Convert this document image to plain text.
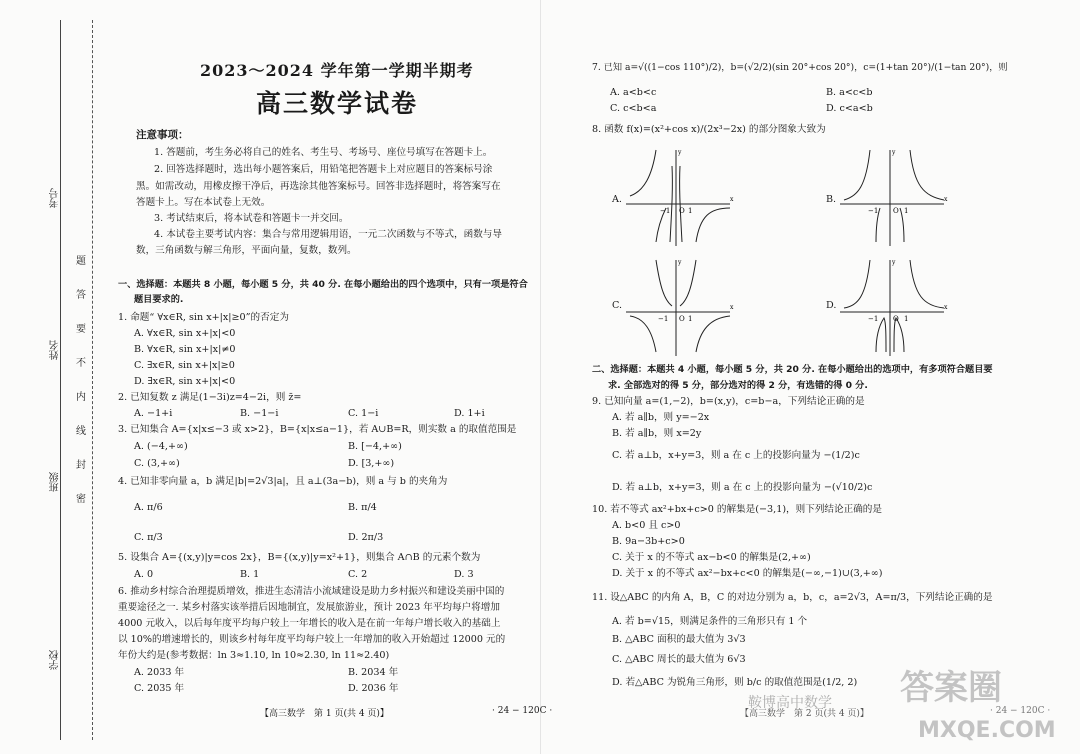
考号
姓名
班级
学校
题
答
要
不
内
线
封
密
2023～2024 学年第一学期半期考
高三数学试卷
注意事项：
1. 答题前，考生务必将自己的姓名、考生号、考场号、座位号填写在答题卡上。
2. 回答选择题时，选出每小题答案后，用铅笔把答题卡上对应题目的答案标号涂
黑。如需改动，用橡皮擦干净后，再选涂其他答案标号。回答非选择题时，将答案写在
答题卡上。写在本试卷上无效。
3. 考试结束后，将本试卷和答题卡一并交回。
4. 本试卷主要考试内容：集合与常用逻辑用语，一元二次函数与不等式，函数与导
数，三角函数与解三角形，平面向量，复数，数列。
一、选择题：本题共 8 小题，每小题 5 分，共 40 分. 在每小题给出的四个选项中，只有一项是符合
题目要求的.
1. 命题“ ∀x∈R, sin x+|x|≥0”的否定为
A. ∀x∈R, sin x+|x|<0
B. ∀x∈R, sin x+|x|≠0
C. ∃x∈R, sin x+|x|≥0
D. ∃x∈R, sin x+|x|<0
2. 已知复数 z 满足(1−3i)z=4−2i，则 z̄=
A. −1+i	B. −1−i	C. 1−i	D. 1+i
3. 已知集合 A={x|x≤−3 或 x>2}，B={x|x≤a−1}，若 A∪B=R，则实数 a 的取值范围是
A. (−4,+∞)	B. [−4,+∞)
C. (3,+∞)	D. [3,+∞)
4. 已知非零向量 a，b 满足|b|=2√3|a|，且 a⊥(3a−b)，则 a 与 b 的夹角为
A. π/6	B. π/4
C. π/3	D. 2π/3
5. 设集合 A={(x,y)|y=cos 2x}，B={(x,y)|y=x²+1}，则集合 A∩B 的元素个数为
A. 0	B. 1	C. 2	D. 3
6. 推动乡村综合治理提质增效，推进生态清洁小流域建设是助力乡村振兴和建设美丽中国的
重要途径之一. 某乡村落实该举措后因地制宜，发展旅游业，预计 2023 年平均每户将增加
4000 元收入，以后每年度平均每户较上一年增长的收入是在前一年每户增长收入的基础上
以 10%的增速增长的，则该乡村每年度平均每户较上一年增加的收入开始超过 12000 元的
年份大约是(参考数据：ln 3≈1.10, ln 10≈2.30, ln 11≈2.40)
A. 2033 年	B. 2034 年
C. 2035 年	D. 2036 年
【高三数学　第 1 页(共 4 页)】	· 24 − 120C ·
7. 已知 a=√((1−cos 110°)/2)，b=(√2/2)(sin 20°+cos 20°)，c=(1+tan 20°)/(1−tan 20°)，则
A. a<b<c	B. a<c<b
C. c<b<a	D. c<a<b
8. 函数 f(x)=(x²+cos x)/(2x³−2x) 的部分图象大致为
A.	B.
C.	D.
x
y
−1 O 1
x
y
−1 O 1
x
y
−1 O 1
x
y
−1 O 1
二、选择题：本题共 4 小题，每小题 5 分，共 20 分. 在每小题给出的选项中，有多项符合题目要
求. 全部选对的得 5 分，部分选对的得 2 分，有选错的得 0 分.
9. 已知向量 a=(1,−2)，b=(x,y)，c=b−a，下列结论正确的是
A. 若 a∥b，则 y=−2x
B. 若 a∥b，则 x=2y
C. 若 a⊥b，x+y=3，则 a 在 c 上的投影向量为 −(1/2)c
D. 若 a⊥b，x+y=3，则 a 在 c 上的投影向量为 −(√10/2)c
10. 若不等式 ax²+bx+c>0 的解集是(−3,1)，则下列结论正确的是
A. b<0 且 c>0
B. 9a−3b+c>0
C. 关于 x 的不等式 ax−b<0 的解集是(2,+∞)
D. 关于 x 的不等式 ax²−bx+c<0 的解集是(−∞,−1)∪(3,+∞)
11. 设△ABC 的内角 A，B，C 的对边分别为 a，b，c，a=2√3，A=π/3，下列结论正确的是
A. 若 b=√15，则满足条件的三角形只有 1 个
B. △ABC 面积的最大值为 3√3
C. △ABC 周长的最大值为 6√3
D. 若△ABC 为锐角三角形，则 b/c 的取值范围是(1/2, 2)
【高三数学　第 2 页(共 4 页)】	· 24 − 120C ·
答案圈
MXQE.COM
鞍博高中数学
